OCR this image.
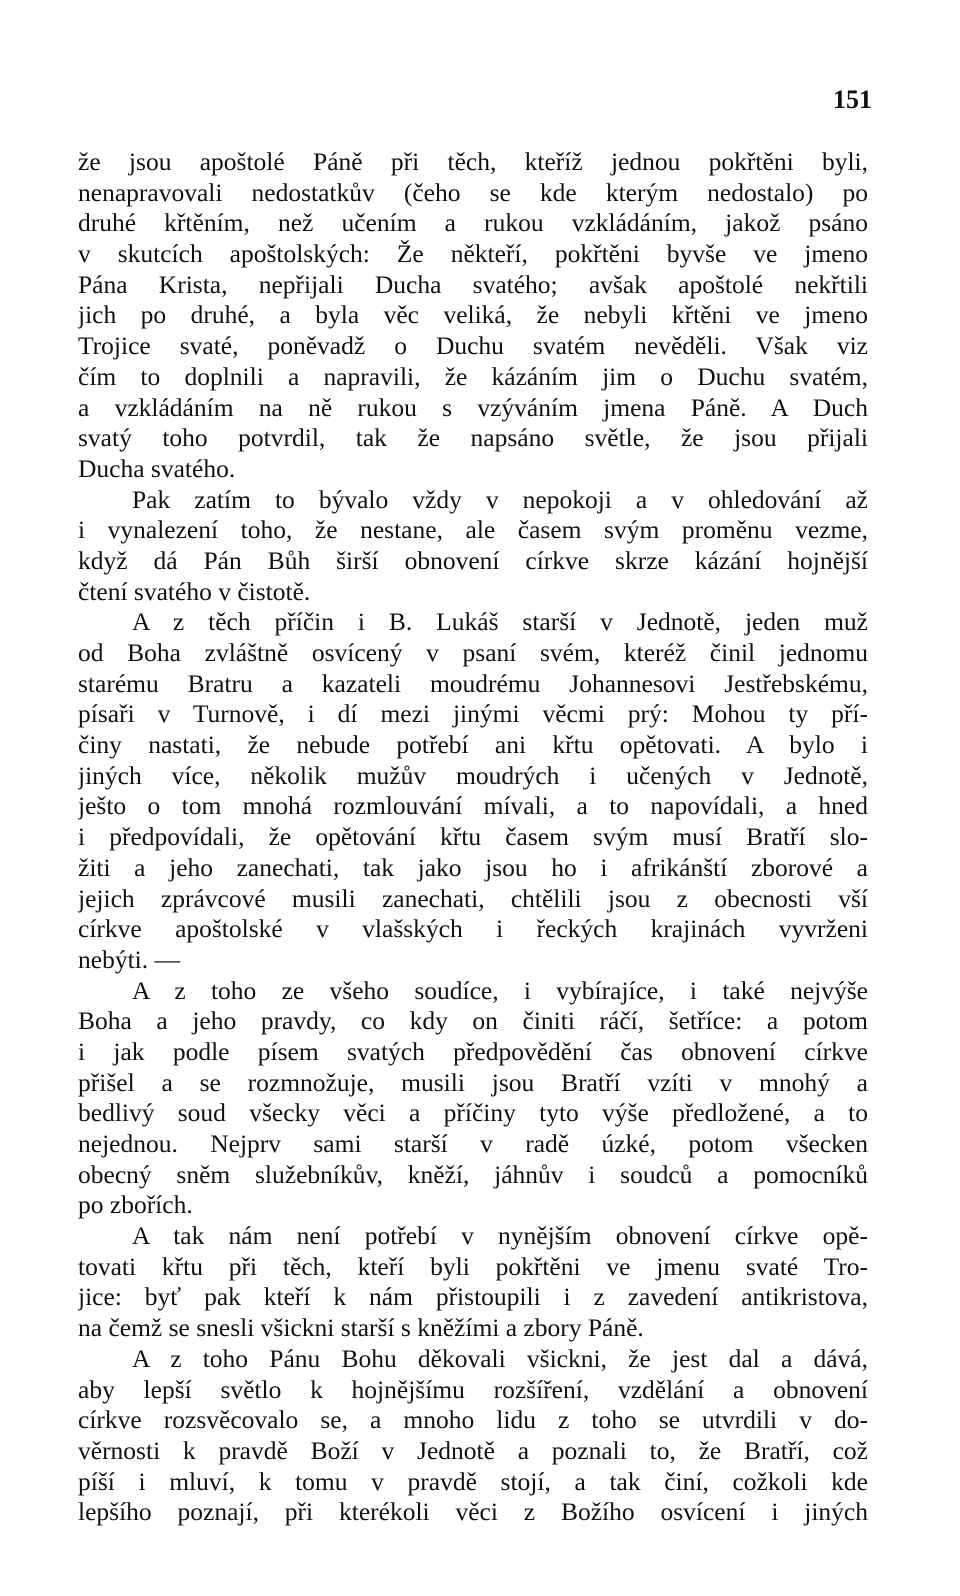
151
že jsou apoštolé Páně při těch, kteříž jednou pokřtěni byli,
nenapravovali nedostatkův (čeho se kde kterým nedostalo) po
druhé křtěním, než učením a rukou vzkládáním, jakož psáno
v skutcích apoštolských: Že někteří, pokřtěni byvše ve jmeno
Pána Krista, nepřijali Ducha svatého; avšak apoštolé nekřtili
jich po druhé, a byla věc veliká, že nebyli křtěni ve jmeno
Trojice svaté, poněvadž o Duchu svatém nevěděli. Však viz
čím to doplnili a napravili, že kázáním jim o Duchu svatém,
a vzkládáním na ně rukou s vzýváním jmena Páně. A Duch
svatý toho potvrdil, tak že napsáno světle, že jsou přijali
Ducha svatého.
Pak zatím to bývalo vždy v nepokoji a v ohledování až
i vynalezení toho, že nestane, ale časem svým proměnu vezme,
když dá Pán Bůh širší obnovení církve skrze kázání hojnější
čtení svatého v čistotě.
A z těch příčin i B. Lukáš starší v Jednotě, jeden muž
od Boha zvláštně osvícený v psaní svém, kteréž činil jednomu
starému Bratru a kazateli moudrému Johannesovi Jestřebskému,
písaři v Turnově, i dí mezi jinými věcmi prý: Mohou ty pří-
činy nastati, že nebude potřebí ani křtu opětovati. A bylo i
jiných více, několik mužův moudrých i učených v Jednotě,
ješto o tom mnohá rozmlouvání mívali, a to napovídali, a hned
i předpovídali, že opětování křtu časem svým musí Bratří slo-
žiti a jeho zanechati, tak jako jsou ho i afrikánští zborové a
jejich zprávcové musili zanechati, chtělili jsou z obecnosti vší
církve apoštolské v vlašských i řeckých krajinách vyvrženi
nebýti. —
A z toho ze všeho soudíce, i vybírajíce, i také nejvýše
Boha a jeho pravdy, co kdy on činiti ráčí, šetříce: a potom
i jak podle písem svatých předpovědění čas obnovení církve
přišel a se rozmnožuje, musili jsou Bratří vzíti v mnohý a
bedlivý soud všecky věci a příčiny tyto výše předložené, a to
nejednou. Nejprv sami starší v radě úzké, potom všecken
obecný sněm služebníkův, kněží, jáhnův i soudců a pomocníků
po zbořích.
A tak nám není potřebí v nynějším obnovení církve opě-
tovati křtu při těch, kteří byli pokřtěni ve jmenu svaté Tro-
jice: byť pak kteří k nám přistoupili i z zavedení antikristova,
na čemž se snesli všickni starší s kněžími a zbory Páně.
A z toho Pánu Bohu děkovali všickni, že jest dal a dává,
aby lepší světlo k hojnějšímu rozšíření, vzdělání a obnovení
církve rozsvěcovalo se, a mnoho lidu z toho se utvrdili v do-
věrnosti k pravdě Boží v Jednotě a poznali to, že Bratří, což
píší i mluví, k tomu v pravdě stojí, a tak činí, cožkoli kde
lepšího poznají, při kterékoli věci z Božího osvícení i jiných
